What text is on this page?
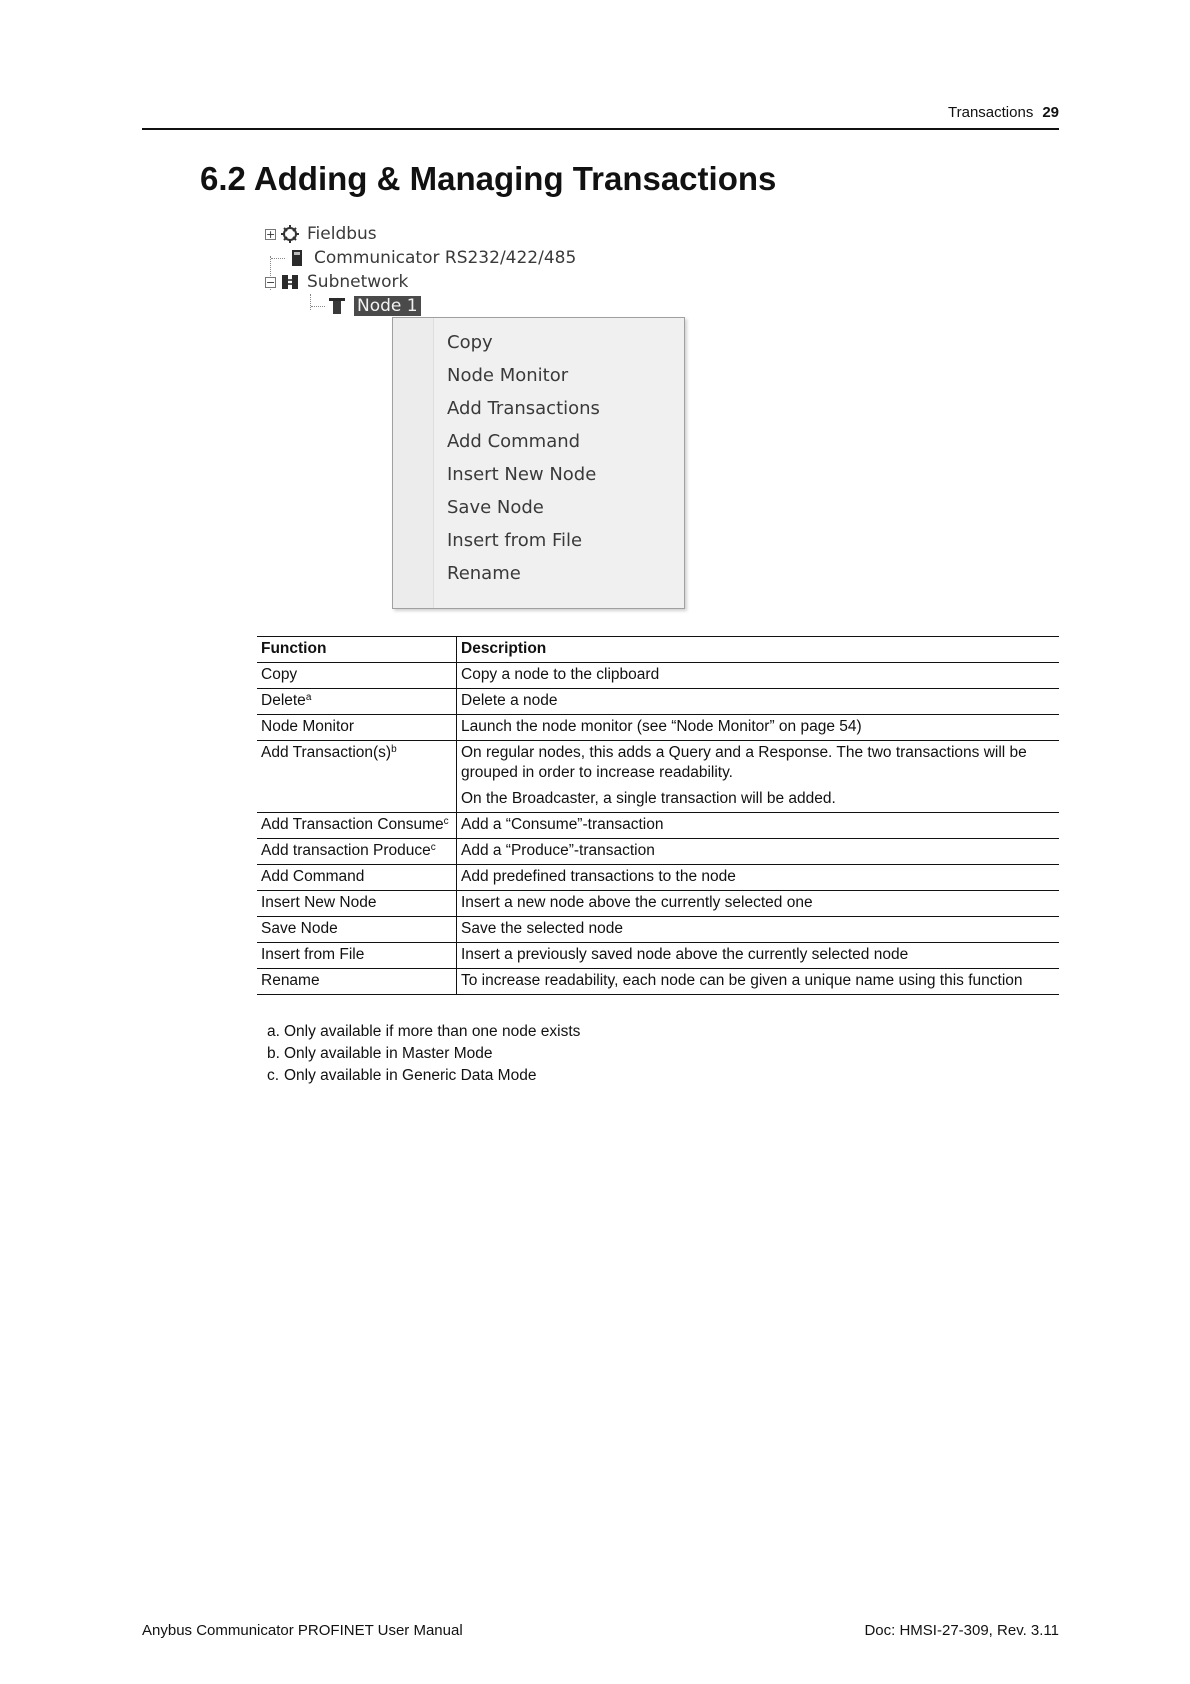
Transactions 29
6.2 Adding & Managing Transactions
+ Fieldbus
Communicator RS232/422/485
− Subnetwork
Node 1
Copy
Node Monitor
Add Transactions
Add Command
Insert New Node
Save Node
Insert from File
Rename
Function	Description
Copy	Copy a node to the clipboard

Delete$^a$	Delete a node

Node Monitor	Launch the node monitor (see “Node Monitor” on page 54)

Add $Transaction(s)^b$	On regular nodes, this adds a Query and a Response. The two transactions will be grouped in order to increase readability.
On the Broadcaster, a single transaction will be added.

Add Transaction Consume$^c$	Add a “Consume”-transaction

Add transaction Produce$^c$	Add a “Produce”-transaction

Add Command	Add predefined transactions to the node

Insert New Node	Insert a new node above the currently selected one

Save Node	Save the selected node

Insert from File	Insert a previously saved node above the currently selected node

Rename	To increase readability, each node can be given a unique name using this function
a. Only available if more than one node exists
b. Only available in Master Mode
c. Only available in Generic Data Mode
Anybus Communicator PROFINET User Manual	Doc: HMSI-27-309, Rev. 3.11
